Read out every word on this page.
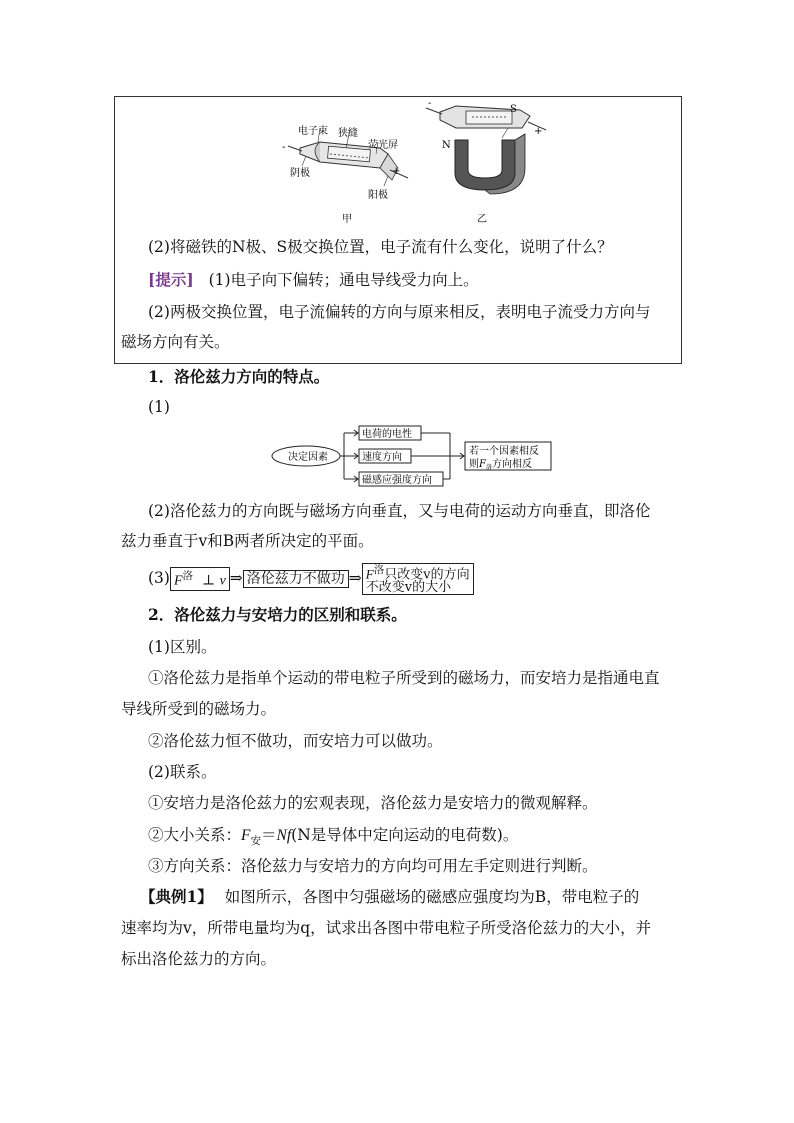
电子束 狭缝
荧光屏
阴极
阳极
+
-
甲
-
S
+
N
乙
(2)将磁铁的N极、S极交换位置，电子流有什么变化，说明了什么？
[提示] (1)电子向下偏转；通电导线受力向上。
(2)两极交换位置，电子流偏转的方向与原来相反，表明电子流受力方向与
磁场方向有关。
1．洛伦兹力方向的特点。
(1)
决定因素
电荷的电性
速度方向
磁感应强度方向
若一个因素相反
则$F_洛$方向相反
(2)洛伦兹力的方向既与磁场方向垂直，又与电荷的运动方向垂直，即洛伦
兹力垂直于v和B两者所决定的平面。
(3) $F^洛$ ⊥ v ⇒ 洛伦兹力不做功 ⇒ $F^洛$只改变v的方向
不改变v的大小
2．洛伦兹力与安培力的区别和联系。
(1)区别。
①洛伦兹力是指单个运动的带电粒子所受到的磁场力，而安培力是指通电直
导线所受到的磁场力。
②洛伦兹力恒不做功，而安培力可以做功。
(2)联系。
①安培力是洛伦兹力的宏观表现，洛伦兹力是安培力的微观解释。
②大小关系：$F_安=Nf(N$是导体中定向运动的电荷数)。
③方向关系：洛伦兹力与安培力的方向均可用左手定则进行判断。
【典例1】 如图所示，各图中匀强磁场的磁感应强度均为B，带电粒子的
速率均为v，所带电量均为q，试求出各图中带电粒子所受洛伦兹力的大小，并
标出洛伦兹力的方向。
